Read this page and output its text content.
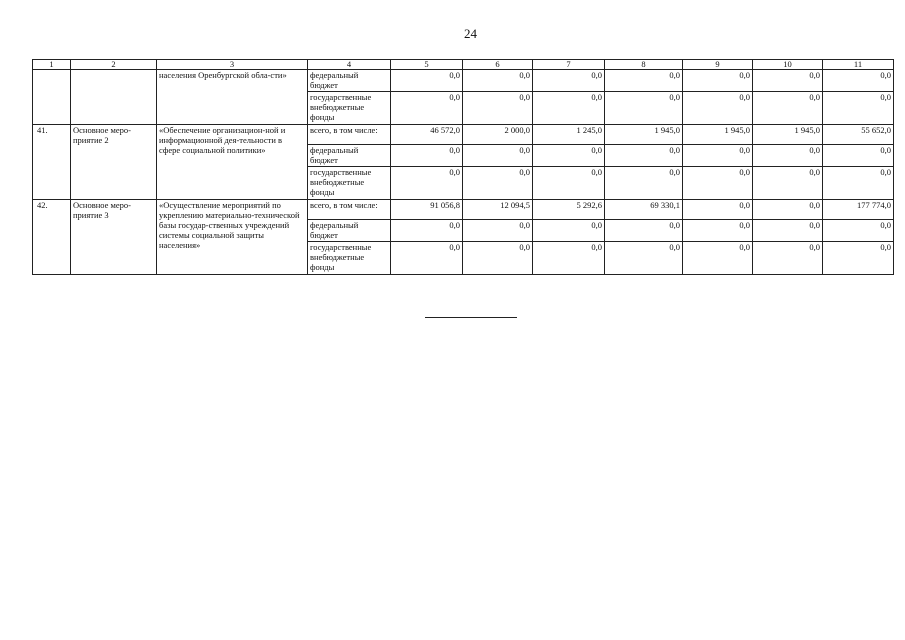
24
1	2	3	4	5	6	7	8	9	10	11
		населения Оренбургской обла-сти»	федеральный бюджет	0,0	0,0	0,0	0,0	0,0	0,0	0,0
			государственные внебюджетные фонды	0,0	0,0	0,0	0,0	0,0	0,0	0,0
41.	Основное меро-приятие 2	«Обеспечение организацион-ной и информационной дея-тельности в сфере социальной политики»	всего, в том числе:	46 572,0	2 000,0	1 245,0	1 945,0	1 945,0	1 945,0	55 652,0
			федеральный бюджет	0,0	0,0	0,0	0,0	0,0	0,0	0,0
			государственные внебюджетные фонды	0,0	0,0	0,0	0,0	0,0	0,0	0,0
42.	Основное меро-приятие 3	«Осуществление мероприятий по укреплению материально-технической базы государ-ственных учреждений системы социальной защиты населения»	всего, в том числе:	91 056,8	12 094,5	5 292,6	69 330,1	0,0	0,0	177 774,0
			федеральный бюджет	0,0	0,0	0,0	0,0	0,0	0,0	0,0
			государственные внебюджетные фонды	0,0	0,0	0,0	0,0	0,0	0,0	0,0
